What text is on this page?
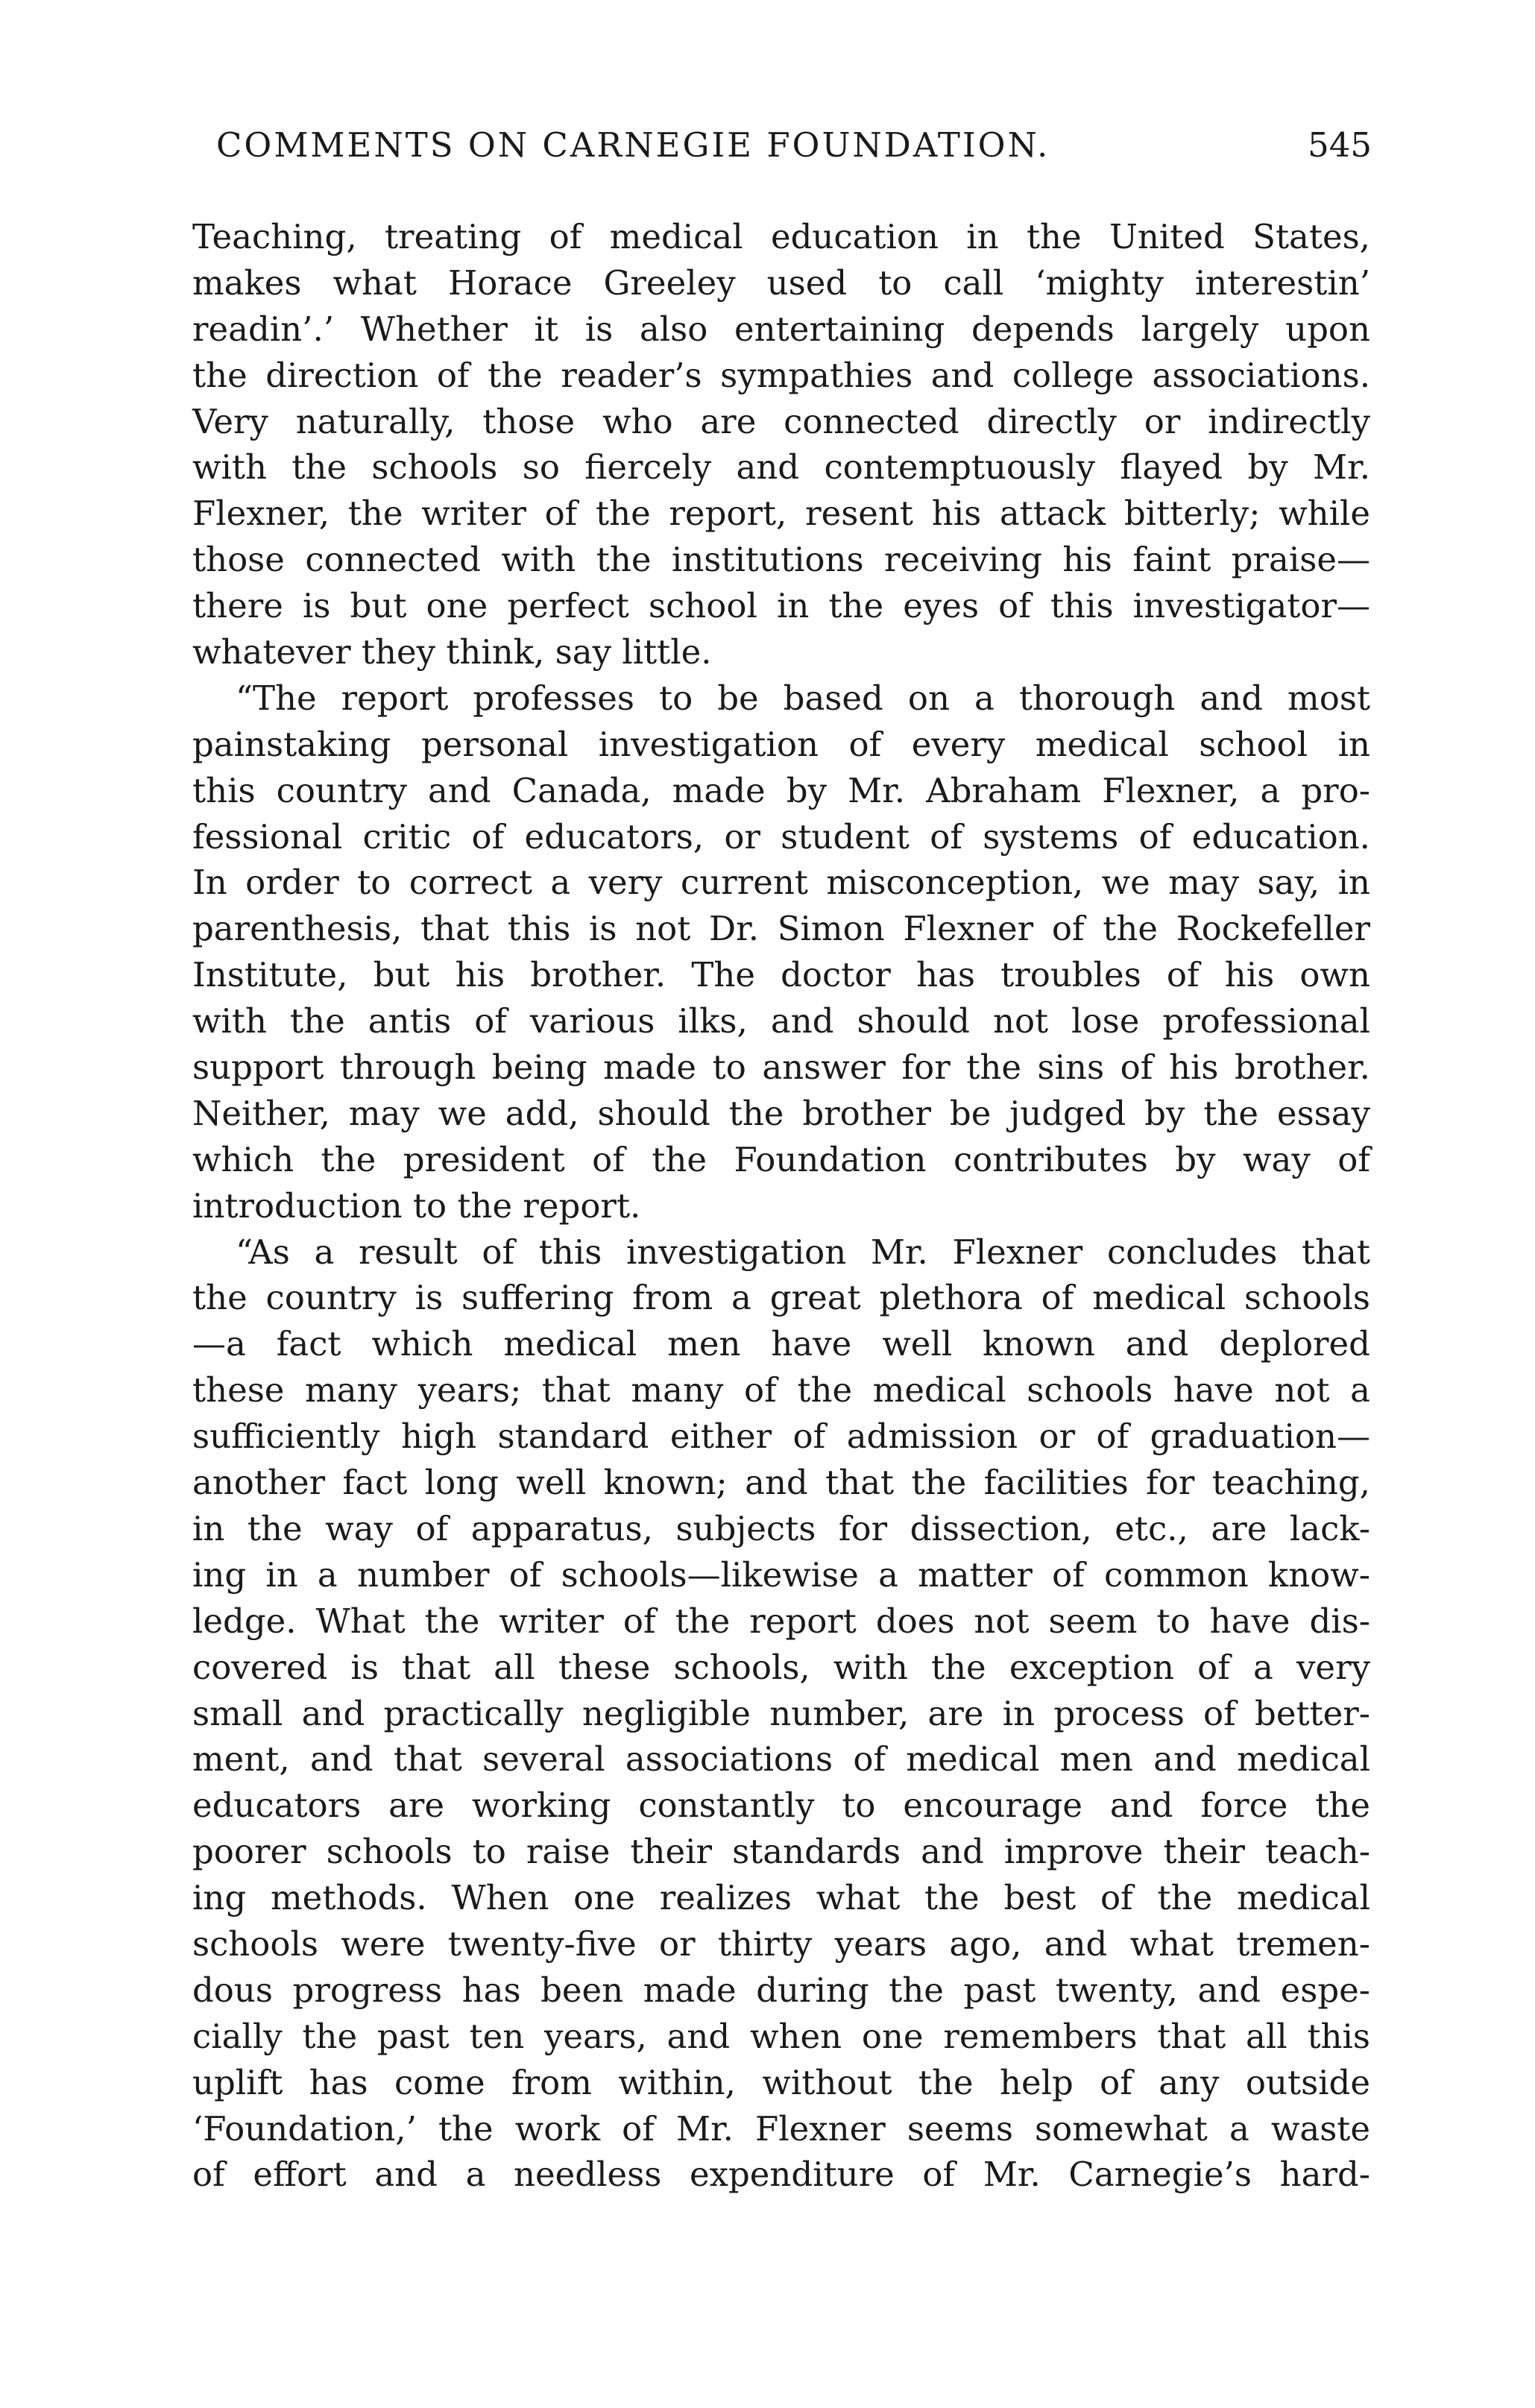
COMMENTS ON CARNEGIE FOUNDATION.	545
Teaching, treating of medical education in the United States,
makes what Horace Greeley used to call ‘mighty interestin’
readin’.’ Whether it is also entertaining depends largely upon
the direction of the reader’s sympathies and college associations.
Very naturally, those who are connected directly or indirectly
with the schools so fiercely and contemptuously flayed by Mr.
Flexner, the writer of the report, resent his attack bitterly; while
those connected with the institutions receiving his faint praise—
there is but one perfect school in the eyes of this investigator—
whatever they think, say little.
“The report professes to be based on a thorough and most
painstaking personal investigation of every medical school in
this country and Canada, made by Mr. Abraham Flexner, a pro-
fessional critic of educators, or student of systems of education.
In order to correct a very current misconception, we may say, in
parenthesis, that this is not Dr. Simon Flexner of the Rockefeller
Institute, but his brother. The doctor has troubles of his own
with the antis of various ilks, and should not lose professional
support through being made to answer for the sins of his brother.
Neither, may we add, should the brother be judged by the essay
which the president of the Foundation contributes by way of
introduction to the report.
“As a result of this investigation Mr. Flexner concludes that
the country is suffering from a great plethora of medical schools
—a fact which medical men have well known and deplored
these many years; that many of the medical schools have not a
sufficiently high standard either of admission or of graduation—
another fact long well known; and that the facilities for teaching,
in the way of apparatus, subjects for dissection, etc., are lack-
ing in a number of schools—likewise a matter of common know-
ledge. What the writer of the report does not seem to have dis-
covered is that all these schools, with the exception of a very
small and practically negligible number, are in process of better-
ment, and that several associations of medical men and medical
educators are working constantly to encourage and force the
poorer schools to raise their standards and improve their teach-
ing methods. When one realizes what the best of the medical
schools were twenty-five or thirty years ago, and what tremen-
dous progress has been made during the past twenty, and espe-
cially the past ten years, and when one remembers that all this
uplift has come from within, without the help of any outside
‘Foundation,’ the work of Mr. Flexner seems somewhat a waste
of effort and a needless expenditure of Mr. Carnegie’s hard-
